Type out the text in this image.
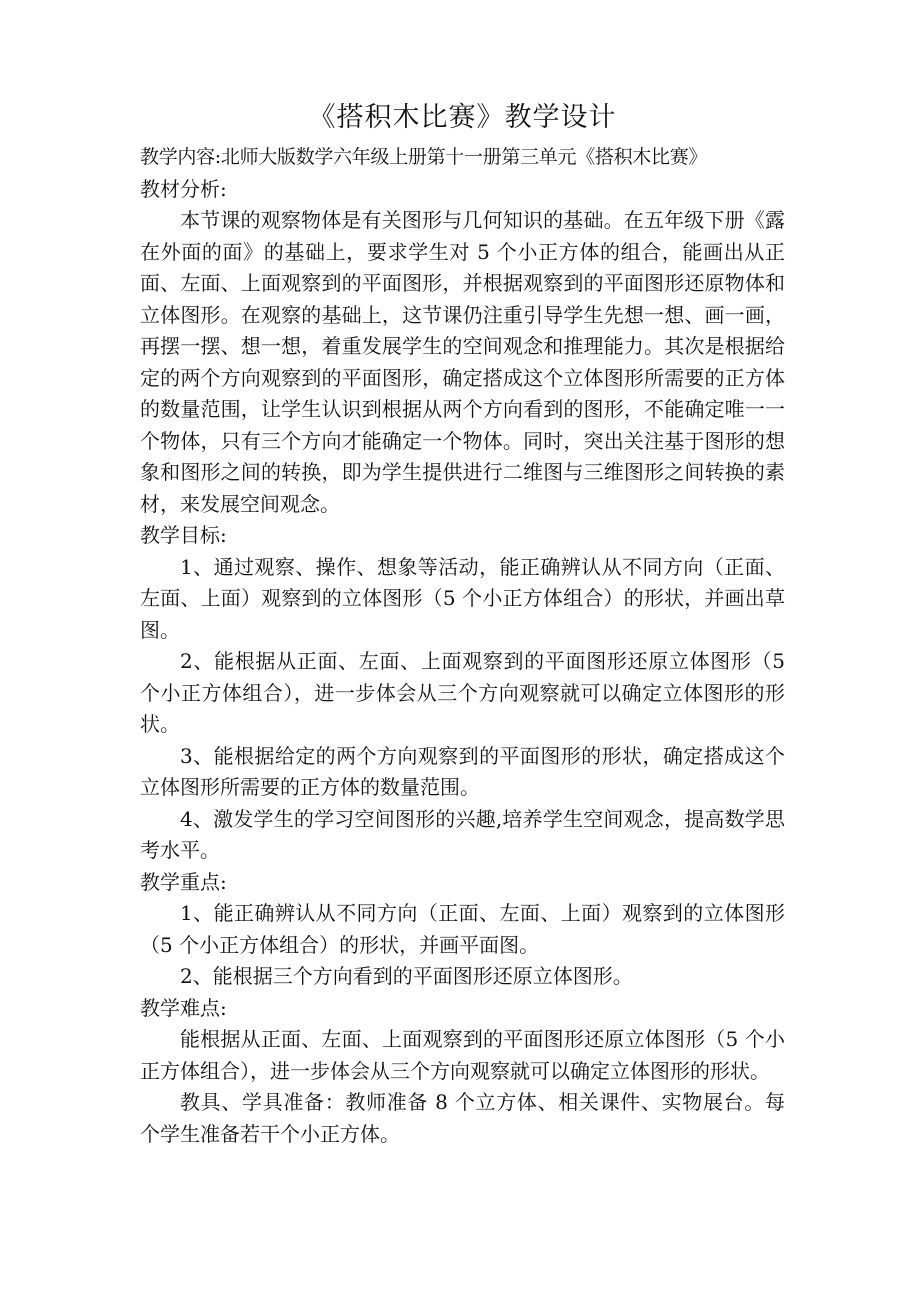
《搭积木比赛》教学设计

教学内容:北师大版数学六年级上册第十一册第三单元《搭积木比赛》

教材分析:

本节课的观察物体是有关图形与几何知识的基础。在五年级下册《露在外面的面》的基础上，要求学生对 5 个小正方体的组合，能画出从正面、左面、上面观察到的平面图形，并根据观察到的平面图形还原物体和立体图形。在观察的基础上，这节课仍注重引导学生先想一想、画一画，再摆一摆、想一想，着重发展学生的空间观念和推理能力。其次是根据给定的两个方向观察到的平面图形，确定搭成这个立体图形所需要的正方体的数量范围，让学生认识到根据从两个方向看到的图形，不能确定唯一一个物体，只有三个方向才能确定一个物体。同时，突出关注基于图形的想象和图形之间的转换，即为学生提供进行二维图与三维图形之间转换的素材，来发展空间观念。

教学目标:

1、通过观察、操作、想象等活动，能正确辨认从不同方向（正面、左面、上面）观察到的立体图形（5 个小正方体组合）的形状，并画出草图。

2、能根据从正面、左面、上面观察到的平面图形还原立体图形（5 个小正方体组合），进一步体会从三个方向观察就可以确定立体图形的形状。

3、能根据给定的两个方向观察到的平面图形的形状，确定搭成这个立体图形所需要的正方体的数量范围。

4、激发学生的学习空间图形的兴趣,培养学生空间观念，提高数学思考水平。

教学重点:

1、能正确辨认从不同方向（正面、左面、上面）观察到的立体图形（5 个小正方体组合）的形状，并画平面图。

2、能根据三个方向看到的平面图形还原立体图形。

教学难点:

能根据从正面、左面、上面观察到的平面图形还原立体图形（5 个小正方体组合），进一步体会从三个方向观察就可以确定立体图形的形状。

教具、学具准备：教师准备 8 个立方体、相关课件、实物展台。每个学生准备若干个小正方体。
